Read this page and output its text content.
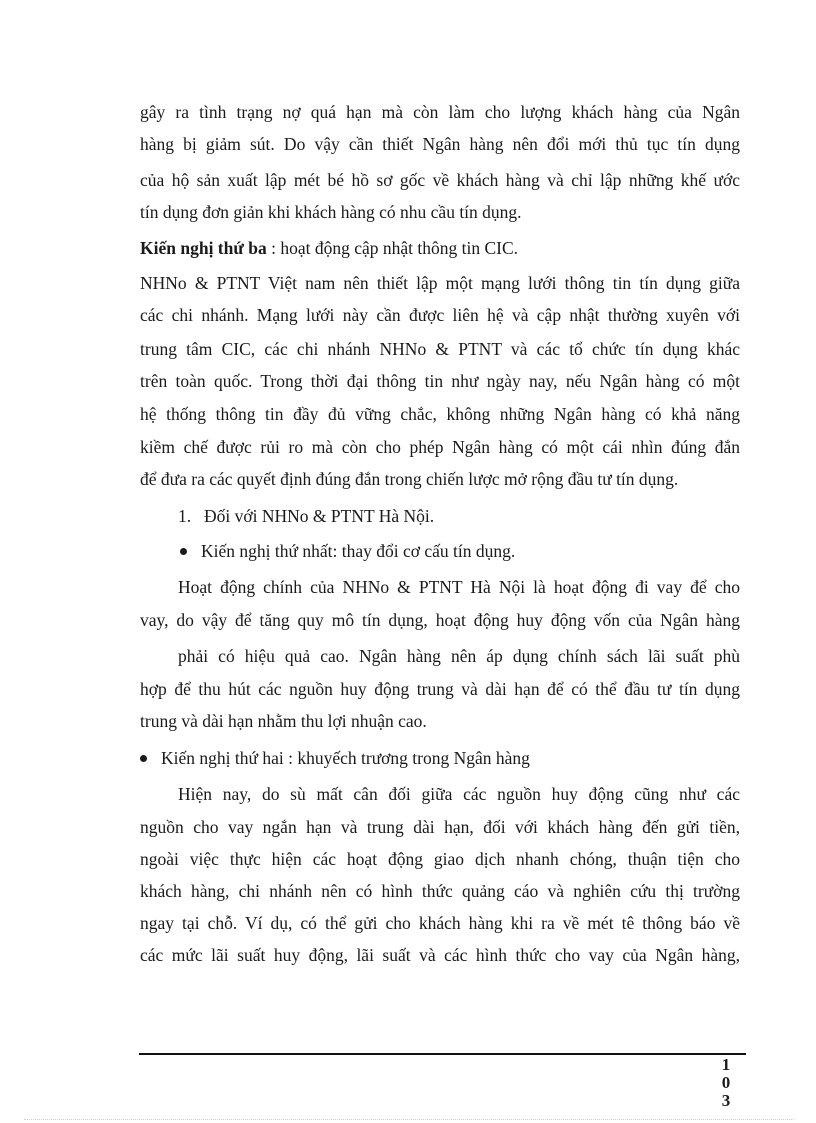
gây ra tình trạng nợ quá hạn mà còn làm cho lượng khách hàng của Ngân
hàng bị giảm sút. Do vậy cần thiết Ngân hàng nên đổi mới thủ tục tín dụng
của hộ sản xuất lập mét bé hồ sơ gốc về khách hàng và chỉ lập những khế ước
tín dụng đơn giản khi khách hàng có nhu cầu tín dụng.
Kiến nghị thứ ba : hoạt động cập nhật thông tin CIC.
NHNo & PTNT Việt nam nên thiết lập một mạng lưới thông tin tín dụng giữa
các chi nhánh. Mạng lưới này cần được liên hệ và cập nhật thường xuyên với
trung tâm CIC, các chi nhánh NHNo & PTNT và các tổ chức tín dụng khác
trên toàn quốc. Trong thời đại thông tin như ngày nay, nếu Ngân hàng có một
hệ thống thông tin đầy đủ vững chắc, không những Ngân hàng có khả năng
kiềm chế được rủi ro mà còn cho phép Ngân hàng có một cái nhìn đúng đắn
để đưa ra các quyết định đúng đắn trong chiến lược mở rộng đầu tư tín dụng.
1. Đối với NHNo & PTNT Hà Nội.
Kiến nghị thứ nhất: thay đổi cơ cấu tín dụng.
Hoạt động chính của NHNo & PTNT Hà Nội là hoạt động đi vay để cho
vay, do vậy để tăng quy mô tín dụng, hoạt động huy động vốn của Ngân hàng
phải có hiệu quả cao. Ngân hàng nên áp dụng chính sách lãi suất phù
hợp để thu hút các nguồn huy động trung và dài hạn để có thể đầu tư tín dụng
trung và dài hạn nhằm thu lợi nhuận cao.
Kiến nghị thứ hai : khuyếch trương trong Ngân hàng
Hiện nay, do sù mất cân đối giữa các nguồn huy động cũng như các
nguồn cho vay ngắn hạn và trung dài hạn, đối với khách hàng đến gửi tiền,
ngoài việc thực hiện các hoạt động giao dịch nhanh chóng, thuận tiện cho
khách hàng, chi nhánh nên có hình thức quảng cáo và nghiên cứu thị trường
ngay tại chỗ. Ví dụ, có thể gửi cho khách hàng khi ra về mét tê thông báo về
các mức lãi suất huy động, lãi suất và các hình thức cho vay của Ngân hàng,
1
0
3
